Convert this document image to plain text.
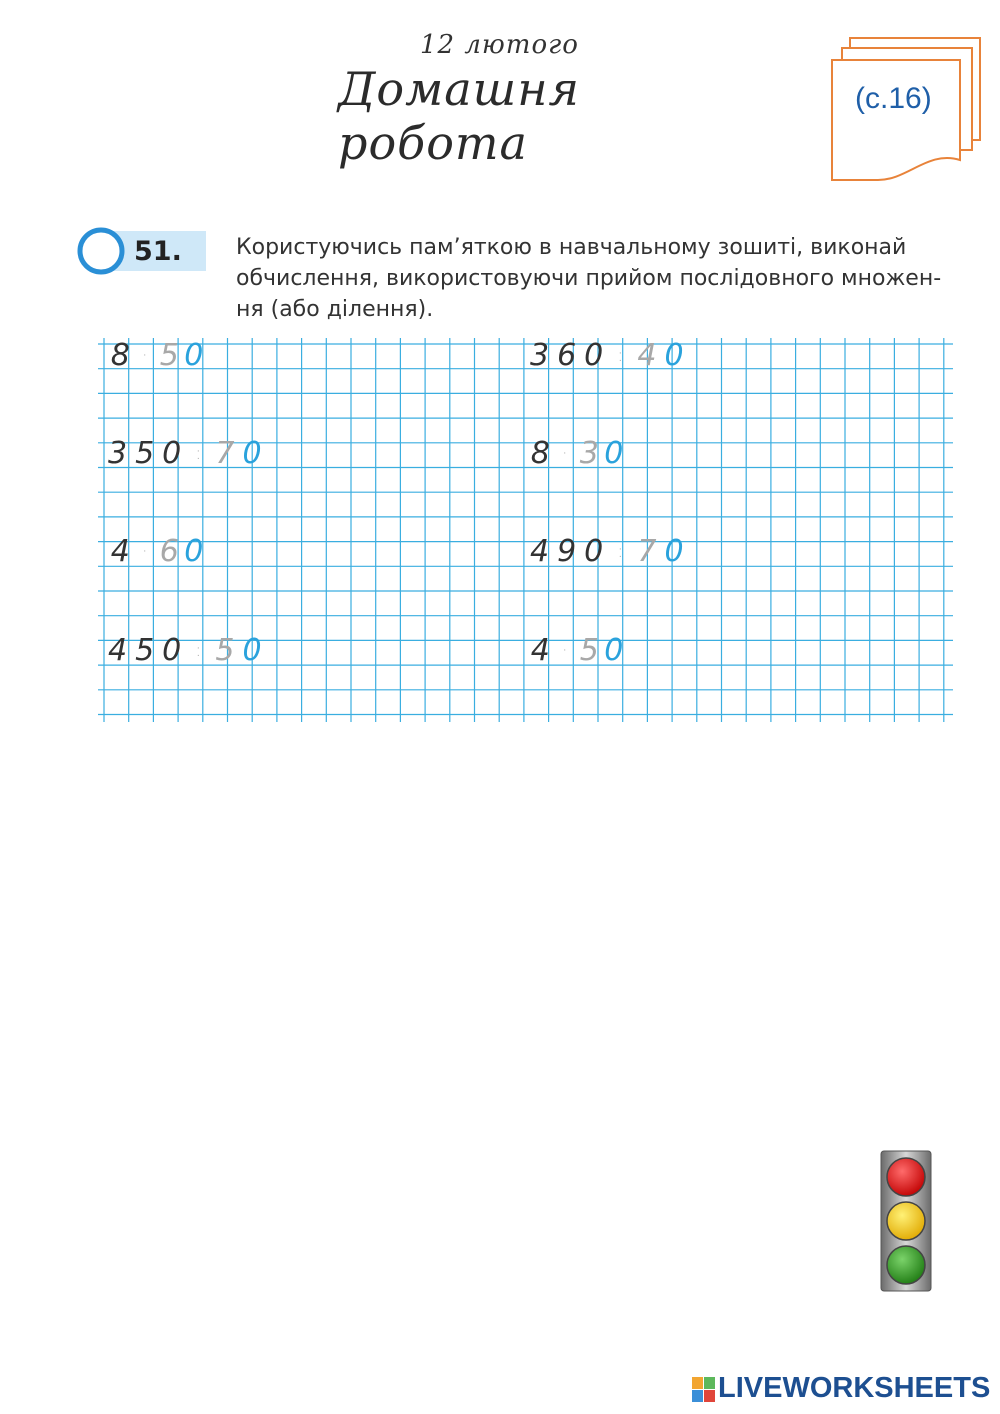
12 лютого
Домашня робота
(с.16)
51. Користуючись пам’яткою в навчальному зошиті, виконай
обчислення, використовуючи прийом послідовного множен-
ня (або ділення).
8 · 5 0
350 : 70
4 · 6 0
450 : 50
360 : 40
8 · 3 0
490 : 70
4 · 5 0
LIVEWORKSHEETS
